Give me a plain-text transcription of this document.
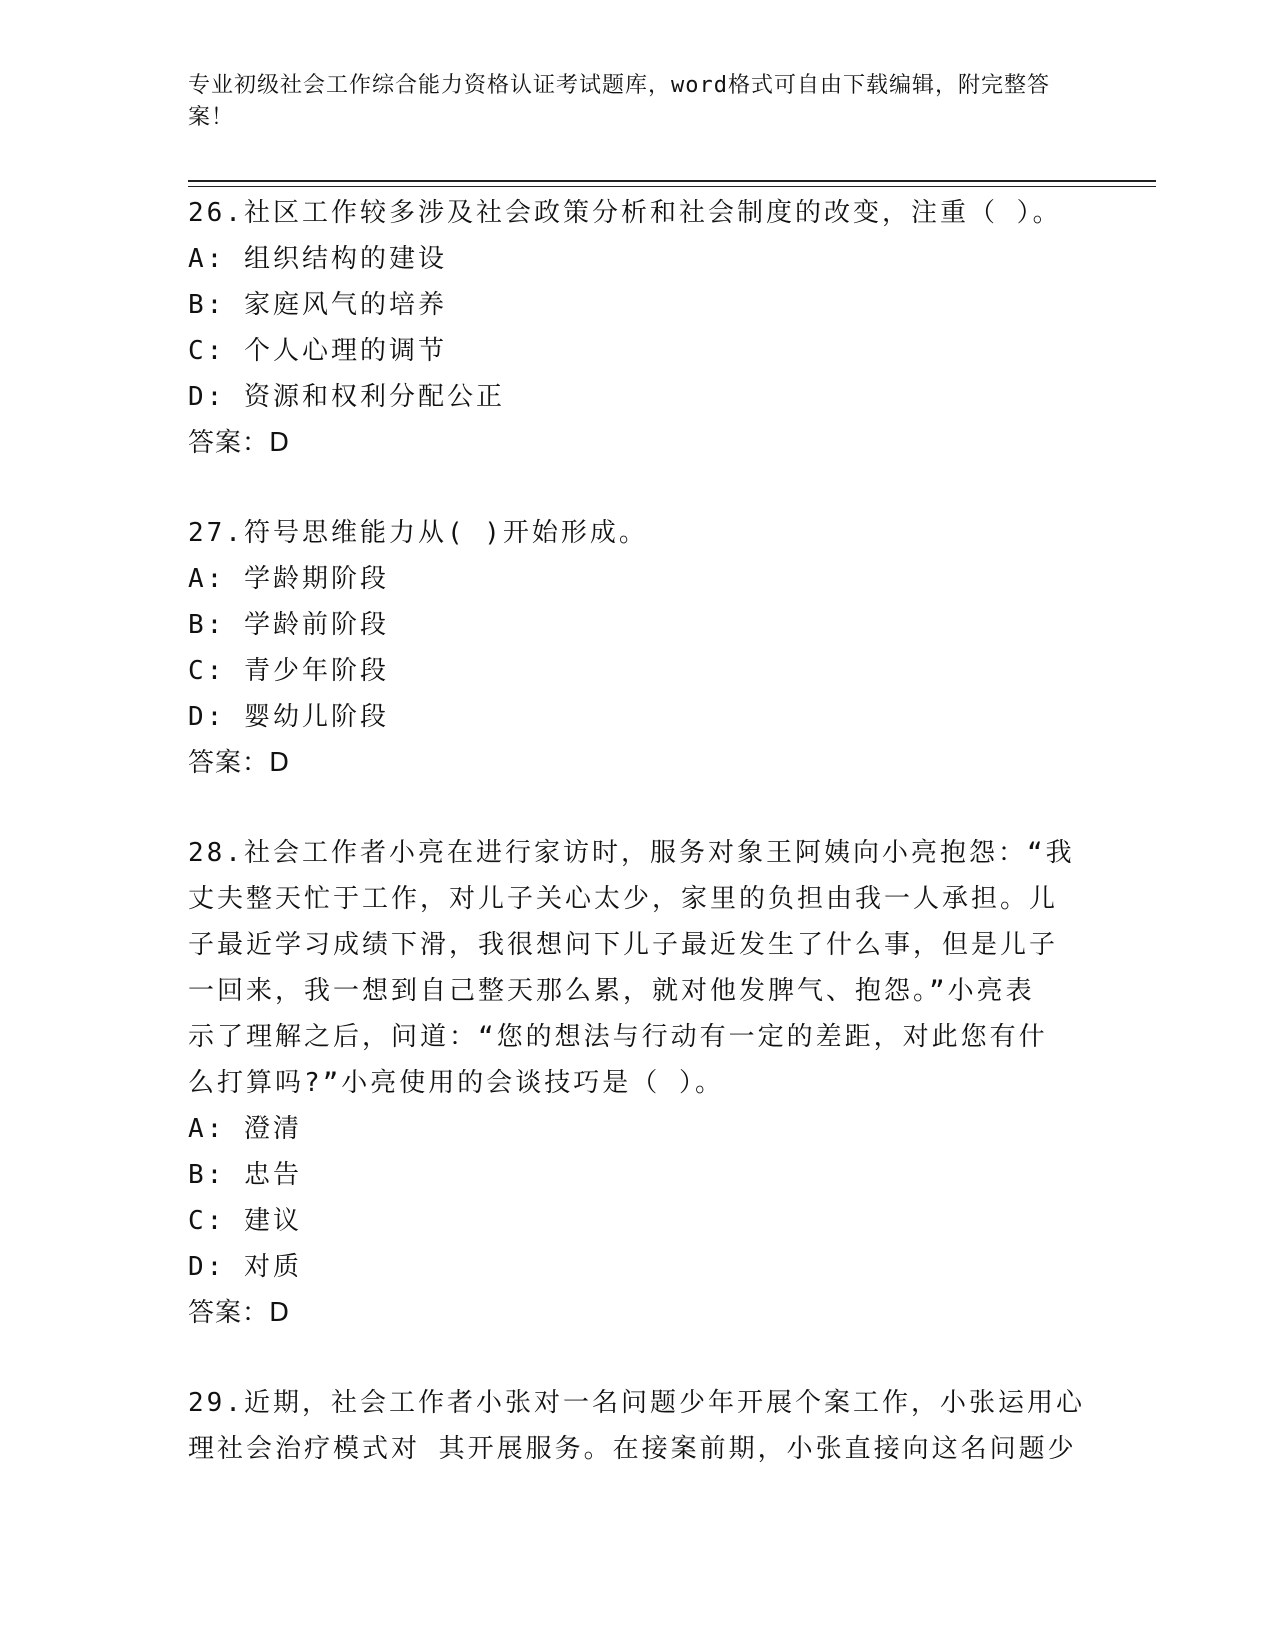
专业初级社会工作综合能力资格认证考试题库，word格式可自由下载编辑，附完整答案！

26.社区工作较多涉及社会政策分析和社会制度的改变，注重（ ）。

A: 组织结构的建设

B: 家庭风气的培养

C: 个人心理的调节

D: 资源和权利分配公正

答案：D

27.符号思维能力从( )开始形成。

A: 学龄期阶段

B: 学龄前阶段

C: 青少年阶段

D: 婴幼儿阶段

答案：D

28.社会工作者小亮在进行家访时，服务对象王阿姨向小亮抱怨：“我

丈夫整天忙于工作，对儿子关心太少，家里的负担由我一人承担。儿

子最近学习成绩下滑，我很想问下儿子最近发生了什么事，但是儿子

一回来，我一想到自己整天那么累，就对他发脾气、抱怨。”小亮表

示了理解之后，问道：“您的想法与行动有一定的差距，对此您有什

么打算吗?”小亮使用的会谈技巧是（ ）。

A: 澄清

B: 忠告

C: 建议

D: 对质

答案：D

29.近期，社会工作者小张对一名问题少年开展个案工作，小张运用心

理社会治疗模式对 其开展服务。在接案前期，小张直接向这名问题少
